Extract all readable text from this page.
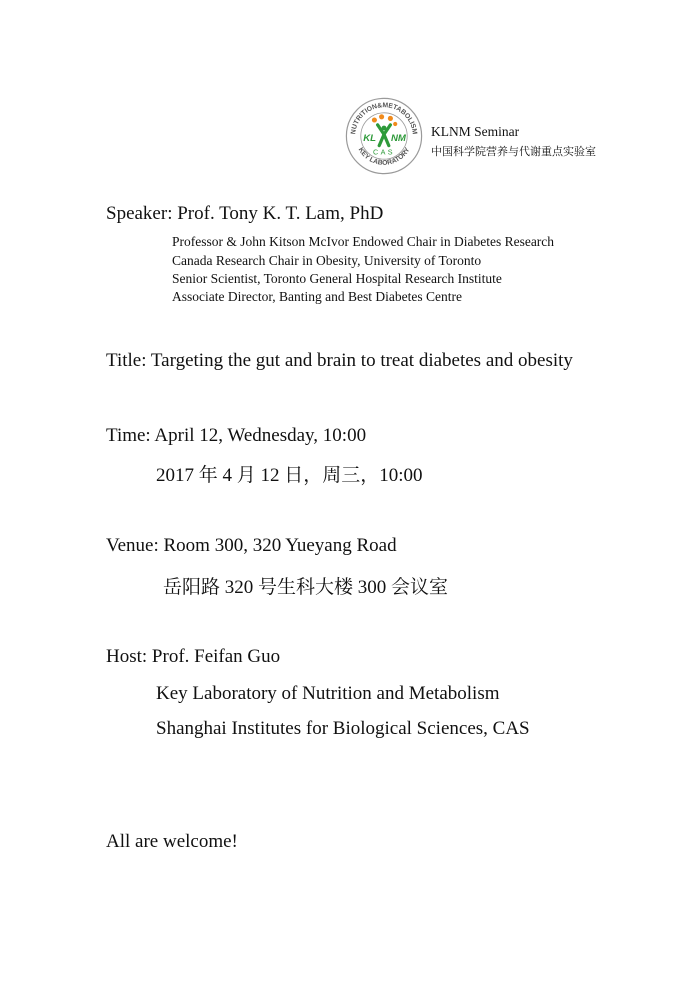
NUTRITION&METABOLISM
KEY LABORATORY
KL NM
CAS
KLNM Seminar
中国科学院营养与代谢重点实验室
Speaker: Prof. Tony K. T. Lam, PhD
Professor & John Kitson McIvor Endowed Chair in Diabetes Research
Canada Research Chair in Obesity, University of Toronto
Senior Scientist, Toronto General Hospital Research Institute
Associate Director, Banting and Best Diabetes Centre
Title: Targeting the gut and brain to treat diabetes and obesity
Time: April 12, Wednesday, 10:00
2017 年 4 月 12 日，周三，10:00
Venue: Room 300, 320 Yueyang Road
岳阳路 320 号生科大楼 300 会议室
Host: Prof. Feifan Guo
Key Laboratory of Nutrition and Metabolism
Shanghai Institutes for Biological Sciences, CAS
All are welcome!
